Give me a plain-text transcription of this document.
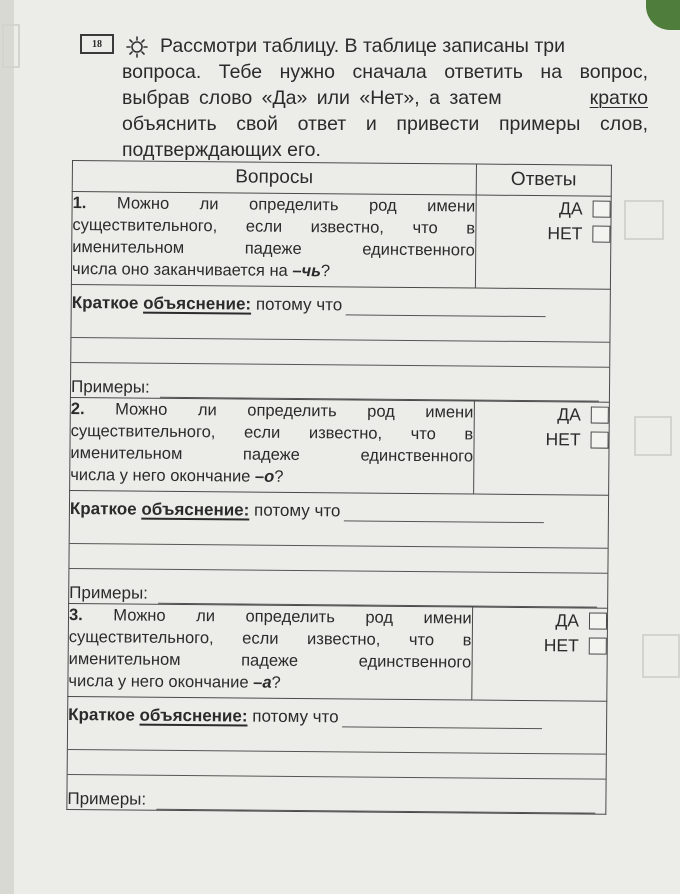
18	Рассмотри таблицу. В таблице записаны три
вопроса. Тебе нужно сначала ответить на вопрос,
выбрав слово «Да» или «Нет», а затем	кратко
объяснить свой ответ и привести примеры слов,
подтверждающих его.
Вопросы	Ответы

1. Можно ли определить род имени
существительного, если известно, что в
именительном падеже единственного
числа оно заканчивается на –чь?	ДА
НЕТ

Краткое
объяснение:
потому что
Примеры:	

2. Можно ли определить род имени
существительного, если известно, что в
именительном падеже единственного
числа у него окончание –о?	ДА
НЕТ

Краткое
объяснение:
потому что
Примеры:	

3. Можно ли определить род имени
существительного, если известно, что в
именительном падеже единственного
числа у него окончание –а?	ДА
НЕТ

Краткое
объяснение:
потому что
Примеры:	
